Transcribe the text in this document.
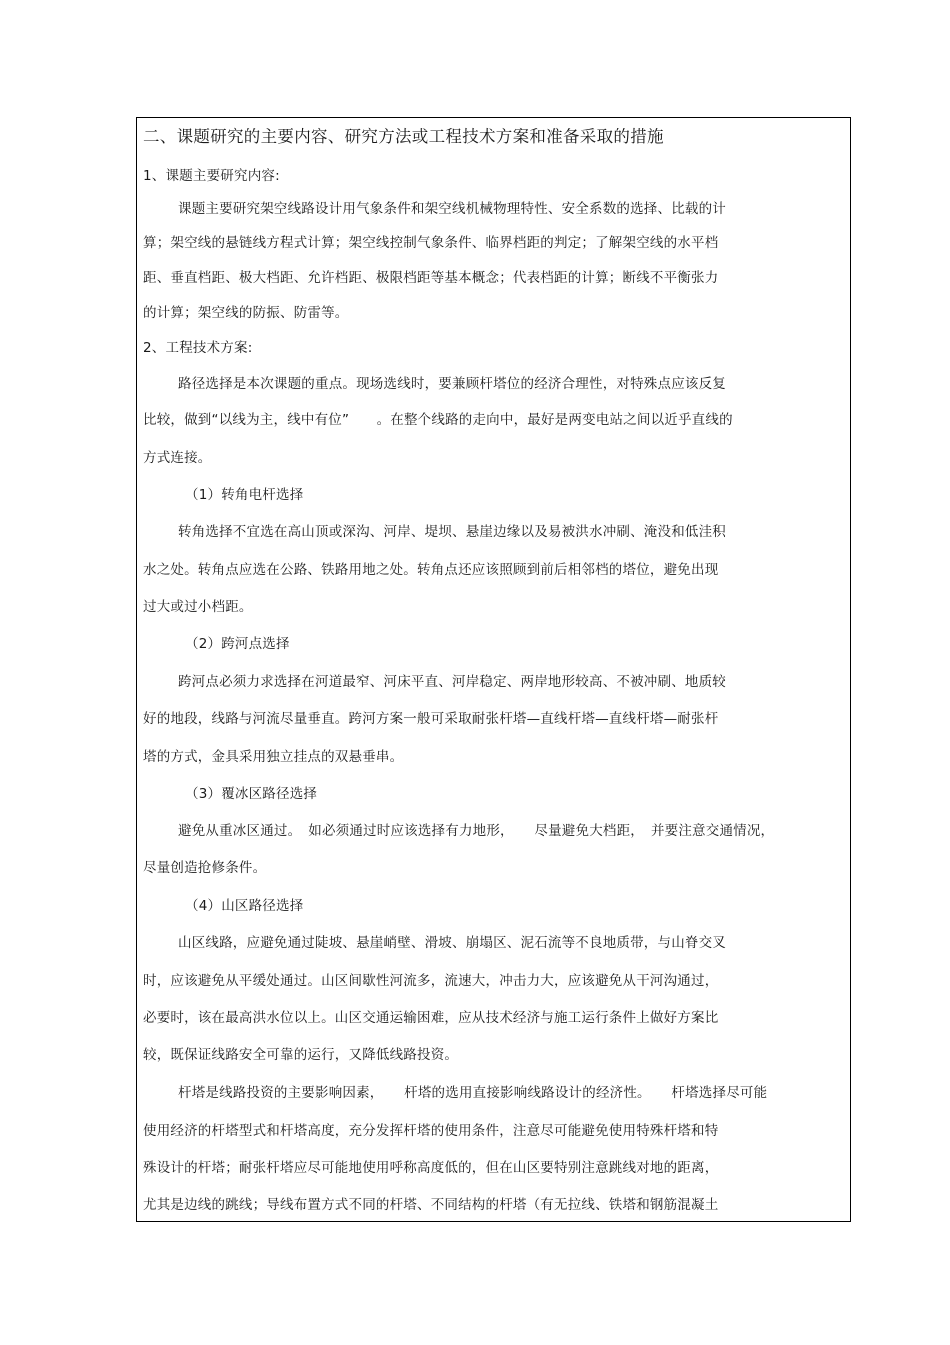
二、课题研究的主要内容、研究方法或工程技术方案和准备采取的措施
1、课题主要研究内容:
课题主要研究架空线路设计用气象条件和架空线机械物理特性、安全系数的选择、比载的计
算；架空线的悬链线方程式计算；架空线控制气象条件、临界档距的判定；了解架空线的水平档
距、垂直档距、极大档距、允许档距、极限档距等基本概念；代表档距的计算；断线不平衡张力
的计算；架空线的防振、防雷等。
2、工程技术方案:
路径选择是本次课题的重点。现场选线时，要兼顾杆塔位的经济合理性，对特殊点应该反复
比较，做到“以线为主，线中有位”　　。在整个线路的走向中，最好是两变电站之间以近乎直线的
方式连接。
（1）转角电杆选择
转角选择不宜选在高山顶或深沟、河岸、堤坝、悬崖边缘以及易被洪水冲刷、淹没和低洼积
水之处。转角点应选在公路、铁路用地之处。转角点还应该照顾到前后相邻档的塔位，避免出现
过大或过小档距。
（2）跨河点选择
跨河点必须力求选择在河道最窄、河床平直、河岸稳定、两岸地形较高、不被冲刷、地质较
好的地段，线路与河流尽量垂直。跨河方案一般可采取耐张杆塔—直线杆塔—直线杆塔—耐张杆
塔的方式，金具采用独立挂点的双悬垂串。
（3）覆冰区路径选择
避免从重冰区通过。　如必须通过时应该选择有力地形，　　尽量避免大档距，　并要注意交通情况，
尽量创造抢修条件。
（4）山区路径选择
山区线路，应避免通过陡坡、悬崖峭壁、滑坡、崩塌区、泥石流等不良地质带，与山脊交叉
时，应该避免从平缓处通过。山区间歇性河流多，流速大，冲击力大，应该避免从干河沟通过，
必要时，该在最高洪水位以上。山区交通运输困难，应从技术经济与施工运行条件上做好方案比
较，既保证线路安全可靠的运行，又降低线路投资。
杆塔是线路投资的主要影响因素，　　杆塔的选用直接影响线路设计的经济性。　　杆塔选择尽可能
使用经济的杆塔型式和杆塔高度，充分发挥杆塔的使用条件，注意尽可能避免使用特殊杆塔和特
殊设计的杆塔；耐张杆塔应尽可能地使用呼称高度低的，但在山区要特别注意跳线对地的距离，
尤其是边线的跳线；导线布置方式不同的杆塔、不同结构的杆塔（有无拉线、铁塔和钢筋混凝土
